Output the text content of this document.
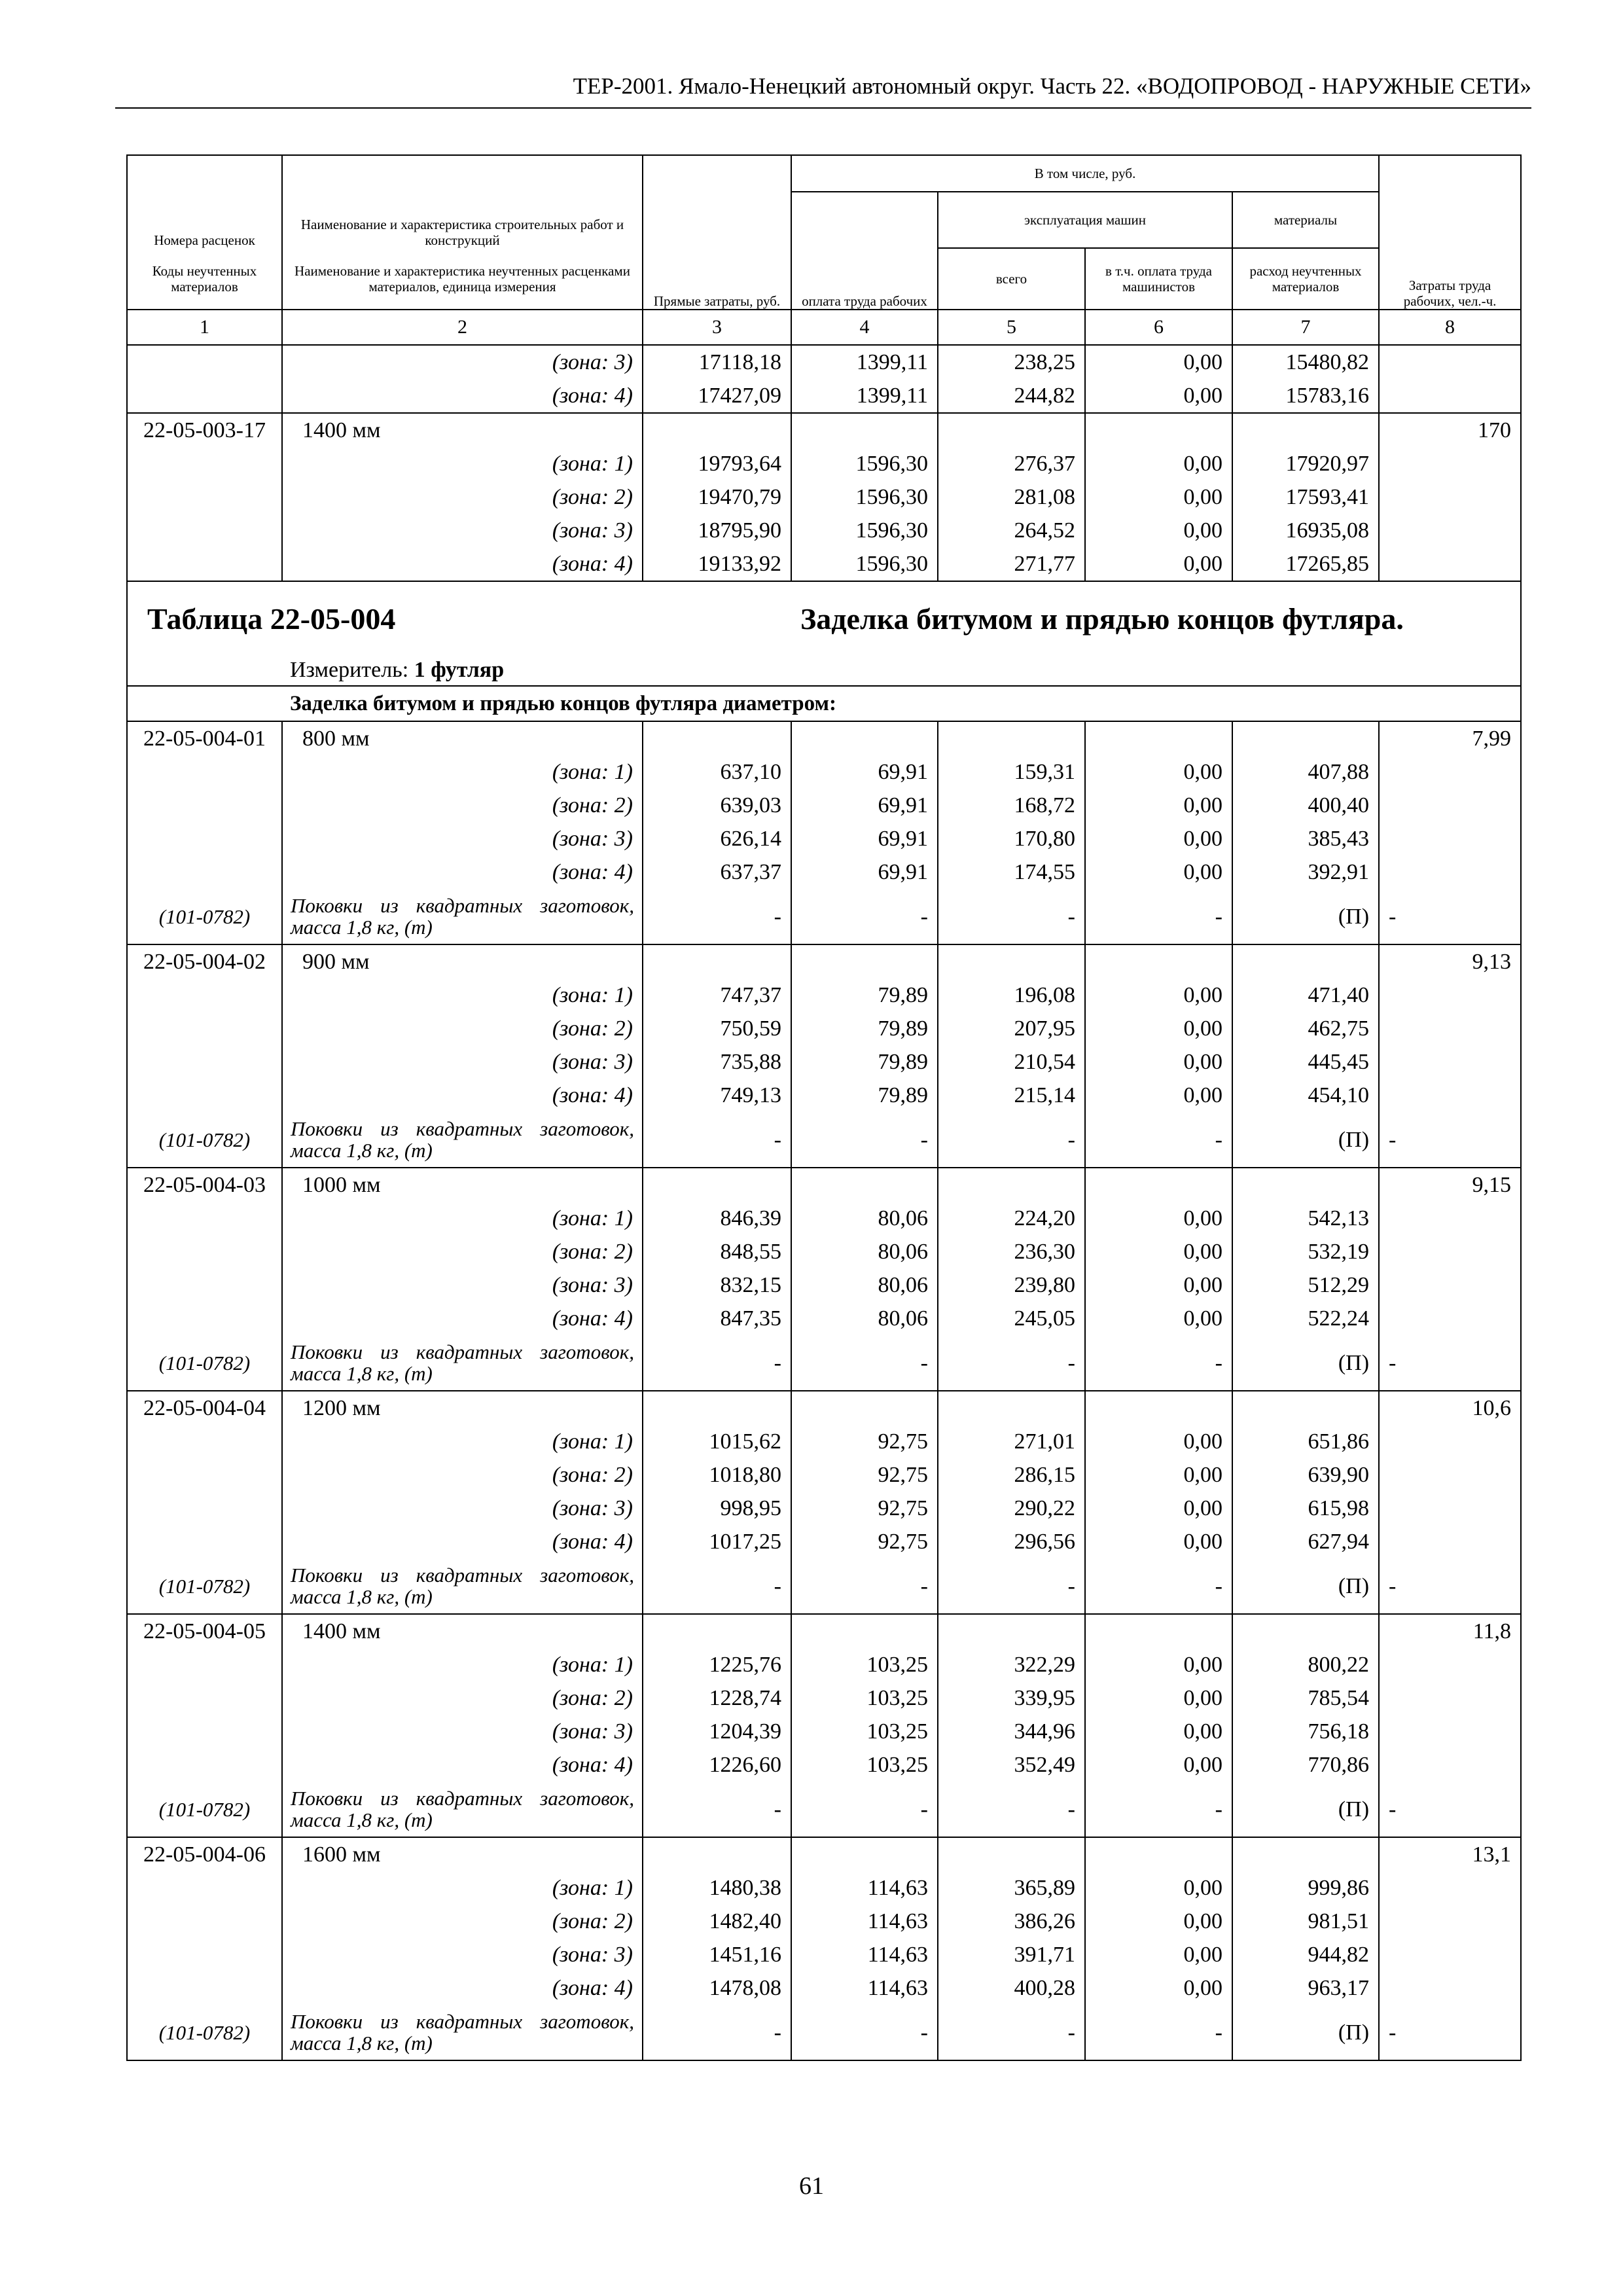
ТЕР-2001. Ямало-Ненецкий автономный округ. Часть 22. «ВОДОПРОВОД - НАРУЖНЫЕ СЕТИ»
Номера расценок	Наименование и характеристика строительных работ и конструкций	Прямые затраты, руб.	В том числе, руб.				Затраты труда рабочих, чел.-ч.
			оплата труда рабочих	эксплуатация машин		материалы	
Коды неучтенных материалов	Наименование и характеристика неучтенных расценками материалов, единица измерения			всего	в т.ч. оплата труда машинистов	расход неучтенных материалов	
1	2	3	4	5	6	7	8
	(зона: 3)	17118,18	1399,11	238,25	0,00	15480,82	
	(зона: 4)	17427,09	1399,11	244,82	0,00	15783,16	
22-05-003-17	1400 мм						170
	(зона: 1)	19793,64	1596,30	276,37	0,00	17920,97	
	(зона: 2)	19470,79	1596,30	281,08	0,00	17593,41	
	(зона: 3)	18795,90	1596,30	264,52	0,00	16935,08	
	(зона: 4)	19133,92	1596,30	271,77	0,00	17265,85	
Таблица 22-05-004			Заделка битумом и прядью концов футляра.				
	Измеритель: 1 футляр						
	Заделка битумом и прядью концов футляра диаметром:						
22-05-004-01	800 мм						7,99
	(зона: 1)	637,10	69,91	159,31	0,00	407,88	
	(зона: 2)	639,03	69,91	168,72	0,00	400,40	
	(зона: 3)	626,14	69,91	170,80	0,00	385,43	
	(зона: 4)	637,37	69,91	174,55	0,00	392,91	
(101-0782)	Поковки из квадратных заготовок, масса 1,8 кг, (т)	-	-	-	-	(П)	-
22-05-004-02	900 мм						9,13
	(зона: 1)	747,37	79,89	196,08	0,00	471,40	
	(зона: 2)	750,59	79,89	207,95	0,00	462,75	
	(зона: 3)	735,88	79,89	210,54	0,00	445,45	
	(зона: 4)	749,13	79,89	215,14	0,00	454,10	
(101-0782)	Поковки из квадратных заготовок, масса 1,8 кг, (т)	-	-	-	-	(П)	-
22-05-004-03	1000 мм						9,15
	(зона: 1)	846,39	80,06	224,20	0,00	542,13	
	(зона: 2)	848,55	80,06	236,30	0,00	532,19	
	(зона: 3)	832,15	80,06	239,80	0,00	512,29	
	(зона: 4)	847,35	80,06	245,05	0,00	522,24	
(101-0782)	Поковки из квадратных заготовок, масса 1,8 кг, (т)	-	-	-	-	(П)	-
22-05-004-04	1200 мм						10,6
	(зона: 1)	1015,62	92,75	271,01	0,00	651,86	
	(зона: 2)	1018,80	92,75	286,15	0,00	639,90	
	(зона: 3)	998,95	92,75	290,22	0,00	615,98	
	(зона: 4)	1017,25	92,75	296,56	0,00	627,94	
(101-0782)	Поковки из квадратных заготовок, масса 1,8 кг, (т)	-	-	-	-	(П)	-
22-05-004-05	1400 мм						11,8
	(зона: 1)	1225,76	103,25	322,29	0,00	800,22	
	(зона: 2)	1228,74	103,25	339,95	0,00	785,54	
	(зона: 3)	1204,39	103,25	344,96	0,00	756,18	
	(зона: 4)	1226,60	103,25	352,49	0,00	770,86	
(101-0782)	Поковки из квадратных заготовок, масса 1,8 кг, (т)	-	-	-	-	(П)	-
22-05-004-06	1600 мм						13,1
	(зона: 1)	1480,38	114,63	365,89	0,00	999,86	
	(зона: 2)	1482,40	114,63	386,26	0,00	981,51	
	(зона: 3)	1451,16	114,63	391,71	0,00	944,82	
	(зона: 4)	1478,08	114,63	400,28	0,00	963,17	
(101-0782)	Поковки из квадратных заготовок, масса 1,8 кг, (т)	-	-	-	-	(П)	-
61
